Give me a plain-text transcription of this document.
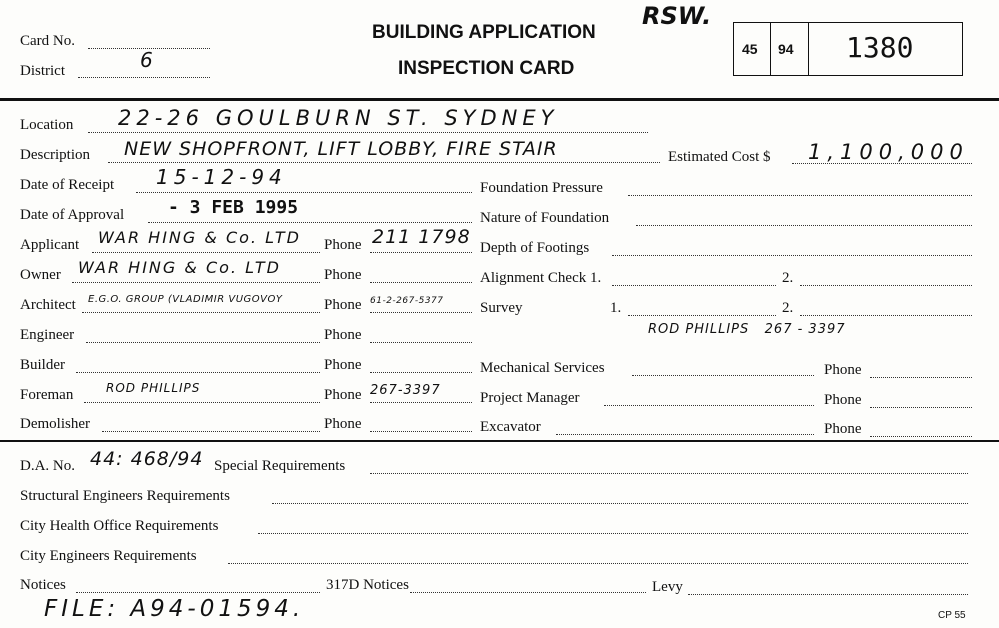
Card No.
District	6
BUILDING APPLICATION
INSPECTION CARD
RSW.
45 94 1380
Location 22-26 GOULBURN ST. SYDNEY
Description NEW SHOPFRONT, LIFT LOBBY, FIRE STAIR	Estimated Cost $ 1,100,000
Date of Receipt 15-12-94
Date of Approval - 3 FEB 1995
Applicant WAR HING & Co. LTD Phone 211 1798
Owner WAR HING & Co. LTD	Phone
Architect E.G.O. GROUP (VLADIMIR VUGOVOY	Phone 61-2-267-5377
Engineer	Phone
Builder	Phone
Foreman	ROD PHILLIPS	Phone 267-3397
Demolisher	Phone
Foundation Pressure
Nature of Foundation
Depth of Footings
Alignment Check 1.	2.
Survey	1.	2.
ROD PHILLIPS   267 - 3397
Mechanical Services	Phone
Project Manager	Phone
Excavator	Phone
D.A. No. 44: 468/94 Special Requirements
Structural Engineers Requirements
City Health Office Requirements
City Engineers Requirements
Notices	317D Notices	Levy
FILE: A94-01594.	CP 55
